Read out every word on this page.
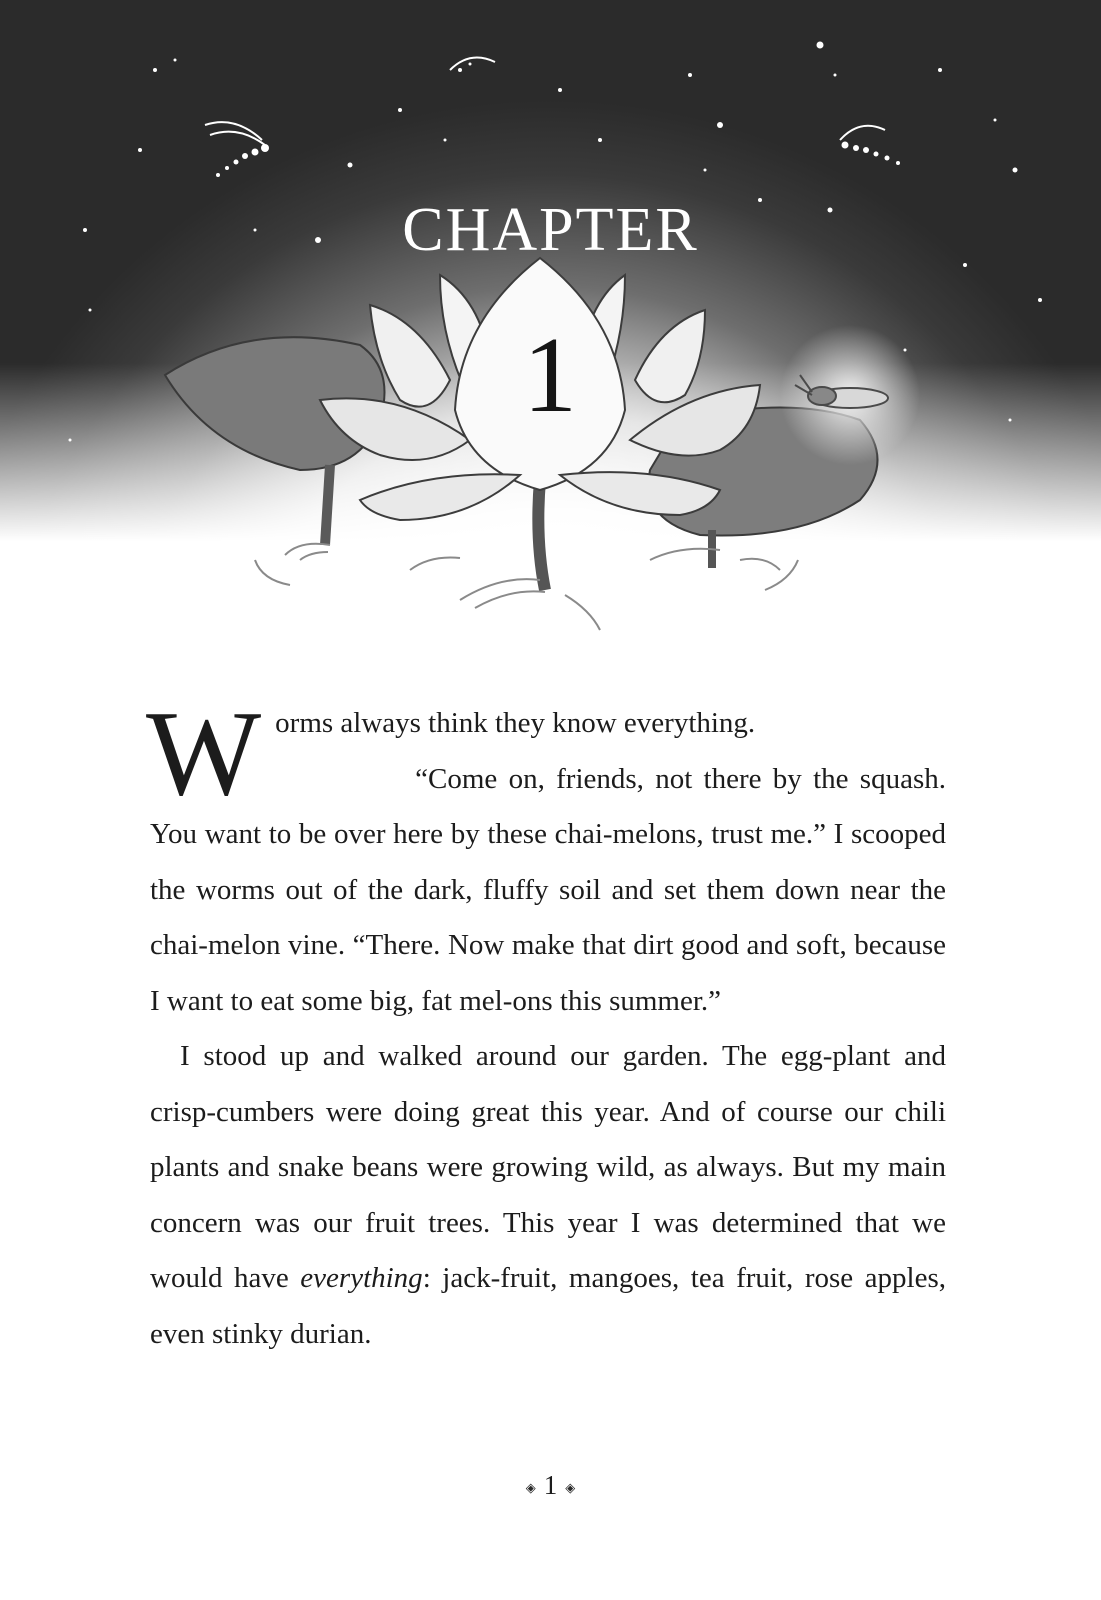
CHAPTER
1

Worms always think they know everything.

“Come on, friends, not there by the squash. You want to be over here by these chai-melons, trust me.” I scooped the worms out of the dark, fluffy soil and set them down near the chai-melon vine. “There. Now make that dirt good and soft, because I want to eat some big, fat mel-ons this summer.”

I stood up and walked around our garden. The egg-plant and crisp-cumbers were doing great this year. And of course our chili plants and snake beans were growing wild, as always. But my main concern was our fruit trees. This year I was determined that we would have everything: jack-fruit, mangoes, tea fruit, rose apples, even stinky durian.

◈ 1 ◈
